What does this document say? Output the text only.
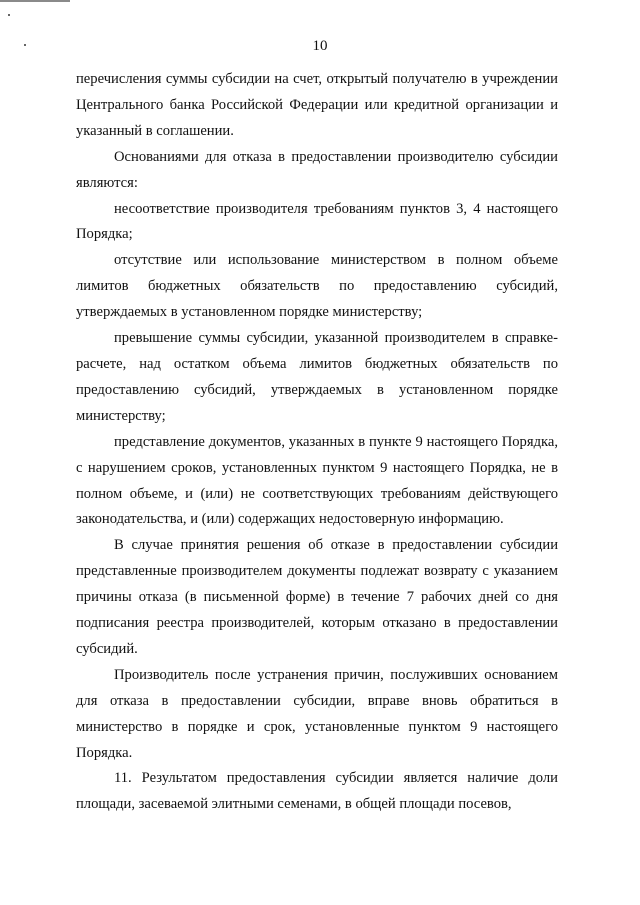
10

перечисления суммы субсидии на счет, открытый получателю в учреждении Центрального банка Российской Федерации или кредитной организации и указанный в соглашении.

Основаниями для отказа в предоставлении производителю субсидии являются:

несоответствие производителя требованиям пунктов 3, 4 настоящего Порядка;

отсутствие или использование министерством в полном объеме лимитов бюджетных обязательств по предоставлению субсидий, утверждаемых в установленном порядке министерству;

превышение суммы субсидии, указанной производителем в справке-расчете, над остатком объема лимитов бюджетных обязательств по предоставлению субсидий, утверждаемых в установленном порядке министерству;

представление документов, указанных в пункте 9 настоящего Порядка, с нарушением сроков, установленных пунктом 9 настоящего Порядка, не в полном объеме, и (или) не соответствующих требованиям действующего законодательства, и (или) содержащих недостоверную информацию.

В случае принятия решения об отказе в предоставлении субсидии представленные производителем документы подлежат возврату с указанием причины отказа (в письменной форме) в течение 7 рабочих дней со дня подписания реестра производителей, которым отказано в предоставлении субсидий.

Производитель после устранения причин, послуживших основанием для отказа в предоставлении субсидии, вправе вновь обратиться в министерство в порядке и срок, установленные пунктом 9 настоящего Порядка.

11. Результатом предоставления субсидии является наличие доли площади, засеваемой элитными семенами, в общей площади посевов,
